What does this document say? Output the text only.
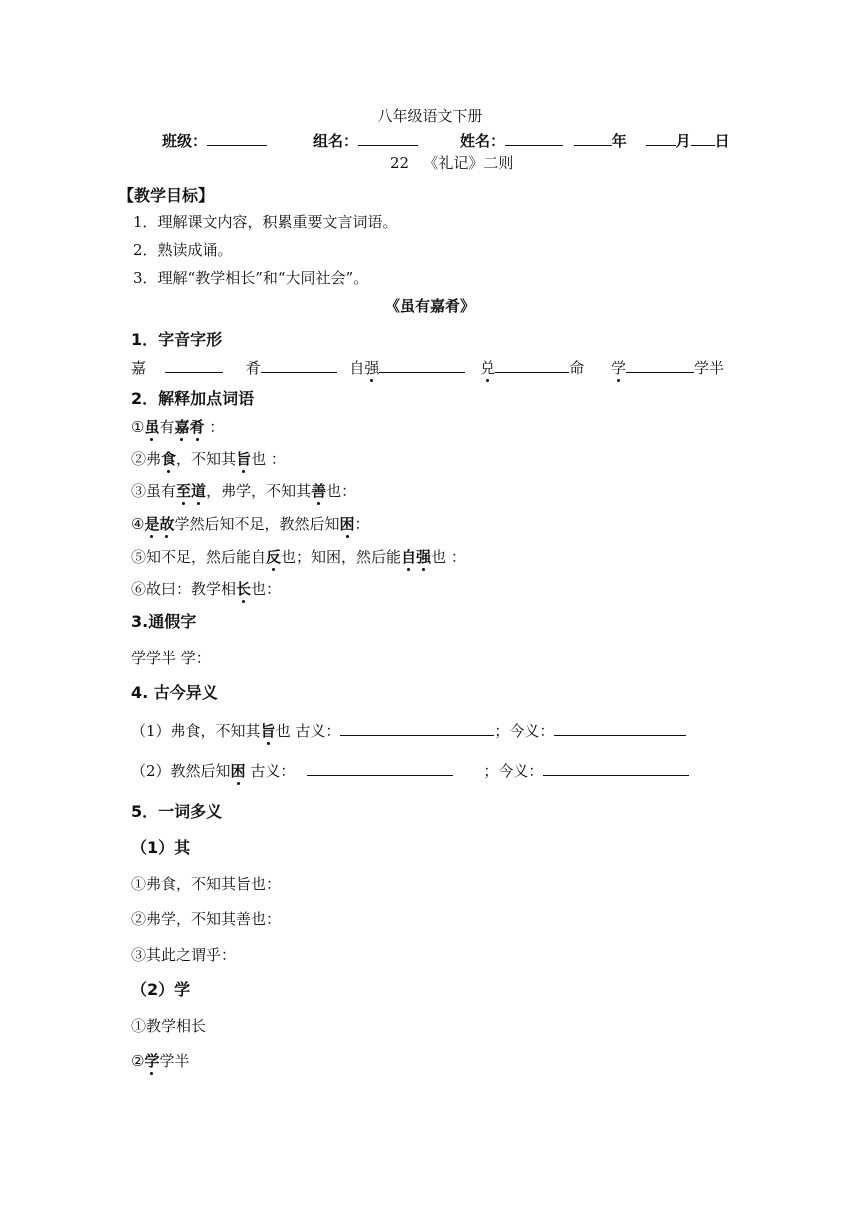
八年级语文下册
班级：	组名：	姓名：	年	月 日
22 《礼记》二则
【教学目标】
1．理解课文内容，积累重要文言词语。
2．熟读成诵。
3．理解“教学相长”和“大同社会”。
《虽有嘉肴》
1．字音字形
嘉	肴	自强	兑	命 学	学半
2．解释加点词语
①虽有嘉肴 ：
②弗食，不知其旨也 ：
③虽有至道，弗学，不知其善也：
④是故学然后知不足，教然后知困：
⑤知不足，然后能自反也；知困，然后能自强也 ：
⑥故曰：教学相长也：
3.通假字
学学半 学：
4. 古今异义
（1）弗食，不知其旨也 古义：	；今义：
（2）教然后知困 古义：	；今义：
5．一词多义
（1）其
①弗食，不知其旨也：
②弗学，不知其善也：
③其此之谓乎：
（2）学
①教学相长
②学学半
